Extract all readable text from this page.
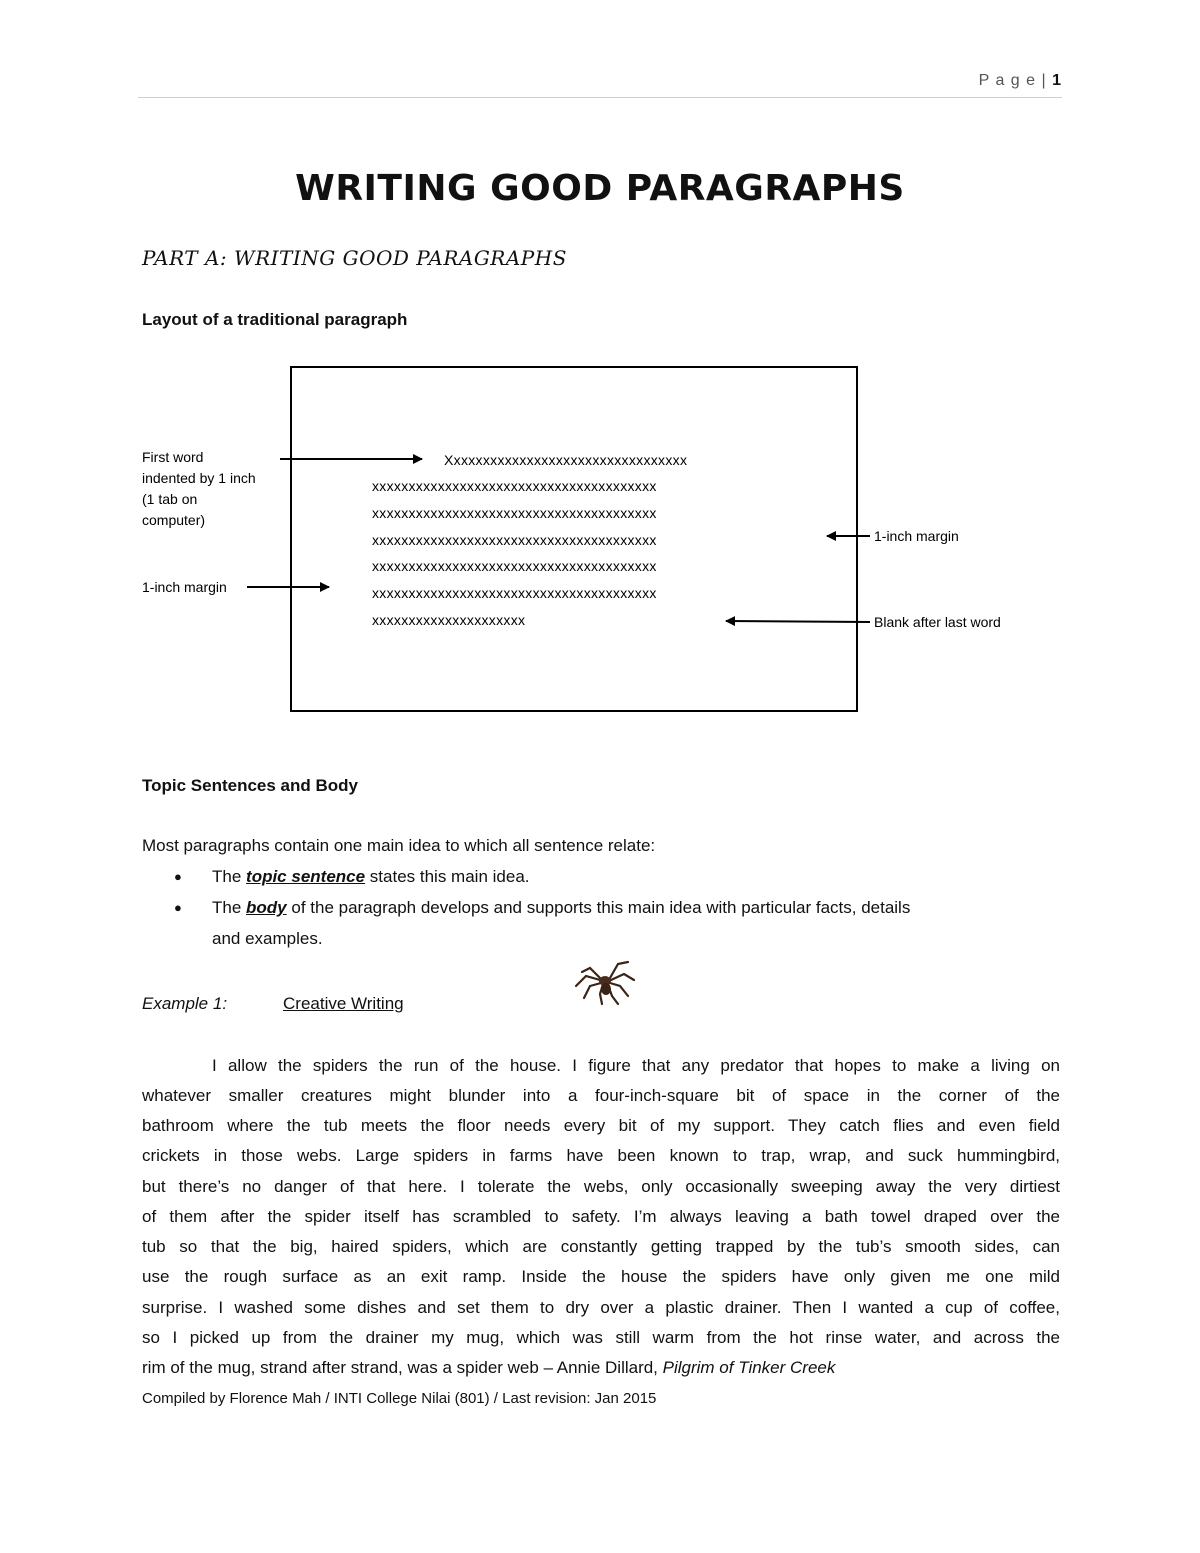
P a g e | 1
WRITING GOOD PARAGRAPHS
PART A: WRITING GOOD PARAGRAPHS
Layout of a traditional paragraph
Xxxxxxxxxxxxxxxxxxxxxxxxxxxxxxxxx
xxxxxxxxxxxxxxxxxxxxxxxxxxxxxxxxxxxxxxx
xxxxxxxxxxxxxxxxxxxxxxxxxxxxxxxxxxxxxxx
xxxxxxxxxxxxxxxxxxxxxxxxxxxxxxxxxxxxxxx
xxxxxxxxxxxxxxxxxxxxxxxxxxxxxxxxxxxxxxx
xxxxxxxxxxxxxxxxxxxxxxxxxxxxxxxxxxxxxxx
xxxxxxxxxxxxxxxxxxxxx
First word
indented by 1 inch
(1 tab on
computer)
1-inch margin
1-inch margin
Blank after last word
Topic Sentences and Body
Most paragraphs contain one main idea to which all sentence relate:
● The topic sentence states this main idea.
● The body of the paragraph develops and supports this main idea with particular facts, details
and examples.
Example 1:	Creative Writing
I allow the spiders the run of the house. I figure that any predator that hopes to make a living on
whatever smaller creatures might blunder into a four-inch-square bit of space in the corner of the
bathroom where the tub meets the floor needs every bit of my support. They catch flies and even field
crickets in those webs. Large spiders in farms have been known to trap, wrap, and suck hummingbird,
but there’s no danger of that here. I tolerate the webs, only occasionally sweeping away the very dirtiest
of them after the spider itself has scrambled to safety. I’m always leaving a bath towel draped over the
tub so that the big, haired spiders, which are constantly getting trapped by the tub’s smooth sides, can
use the rough surface as an exit ramp. Inside the house the spiders have only given me one mild
surprise. I washed some dishes and set them to dry over a plastic drainer. Then I wanted a cup of coffee,
so I picked up from the drainer my mug, which was still warm from the hot rinse water, and across the
rim of the mug, strand after strand, was a spider web – Annie Dillard, Pilgrim of Tinker Creek
Compiled by Florence Mah / INTI College Nilai (801) / Last revision: Jan 2015
